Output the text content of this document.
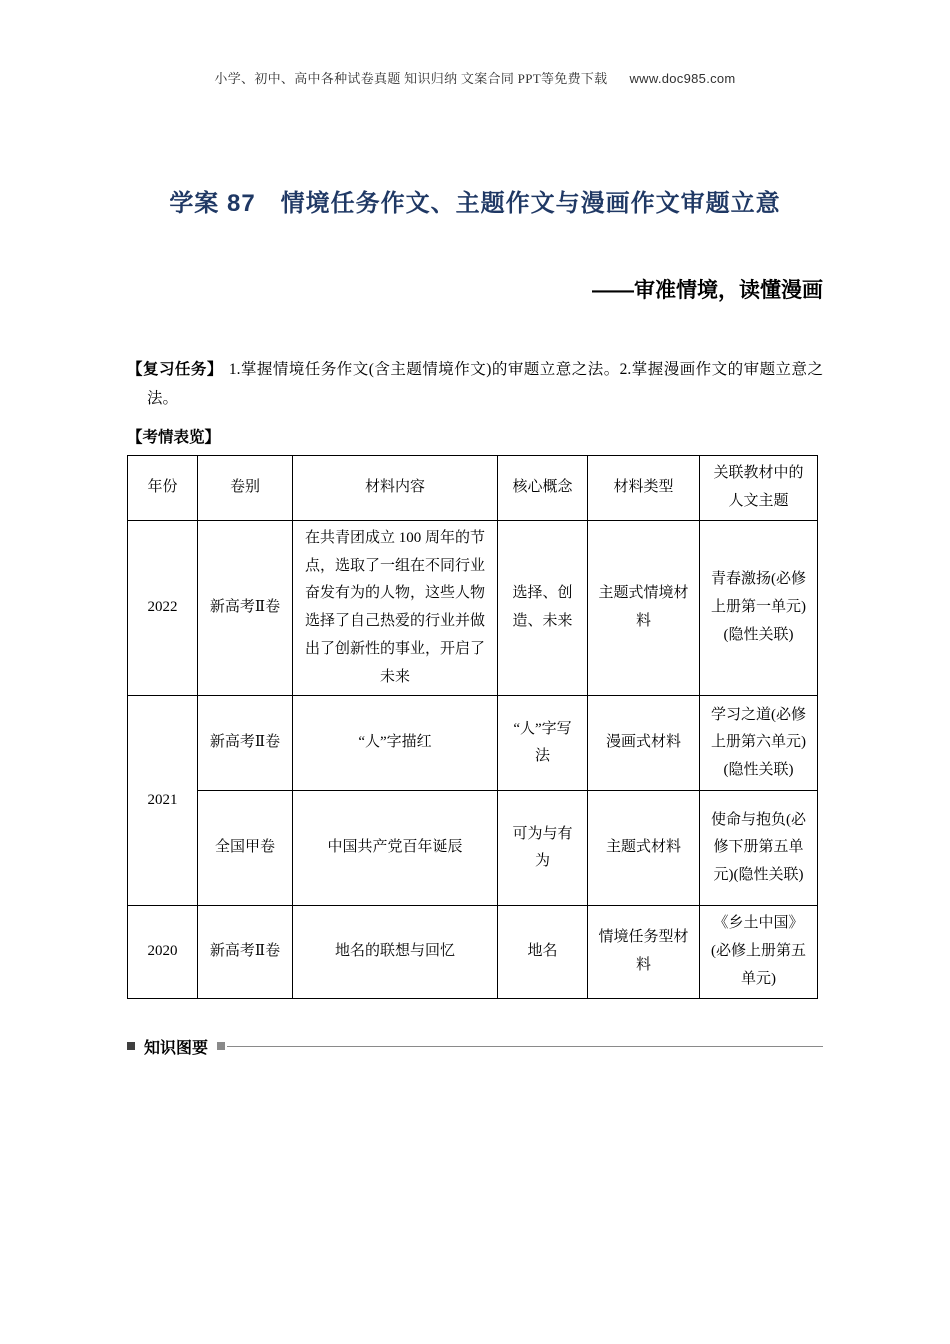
小学、初中、高中各种试卷真题 知识归纳 文案合同 PPT等免费下载 www.doc985.com
学案 87　情境任务作文、主题作文与漫画作文审题立意
——审准情境，读懂漫画

【复习任务】 1.掌握情境任务作文(含主题情境作文)的审题立意之法。2.掌握漫画作文的审题立意之法。

【考情表览】
年份	卷别	材料内容	核心概念	材料类型	关联教材中的人文主题
2022	新高考Ⅱ卷	在共青团成立 100 周年的节点，选取了一组在不同行业奋发有为的人物，这些人物选择了自己热爱的行业并做出了创新性的事业，开启了未来	选择、创造、未来	主题式情境材料	青春激扬(必修上册第一单元)(隐性关联)
2021	新高考Ⅱ卷	“人”字描红	“人”字写法	漫画式材料	学习之道(必修上册第六单元)(隐性关联)
	全国甲卷	中国共产党百年诞辰	可为与有为	主题式材料	使命与抱负(必修下册第五单元)(隐性关联)
2020	新高考Ⅱ卷	地名的联想与回忆	地名	情境任务型材料	《乡土中国》(必修上册第五单元)
知识图要
